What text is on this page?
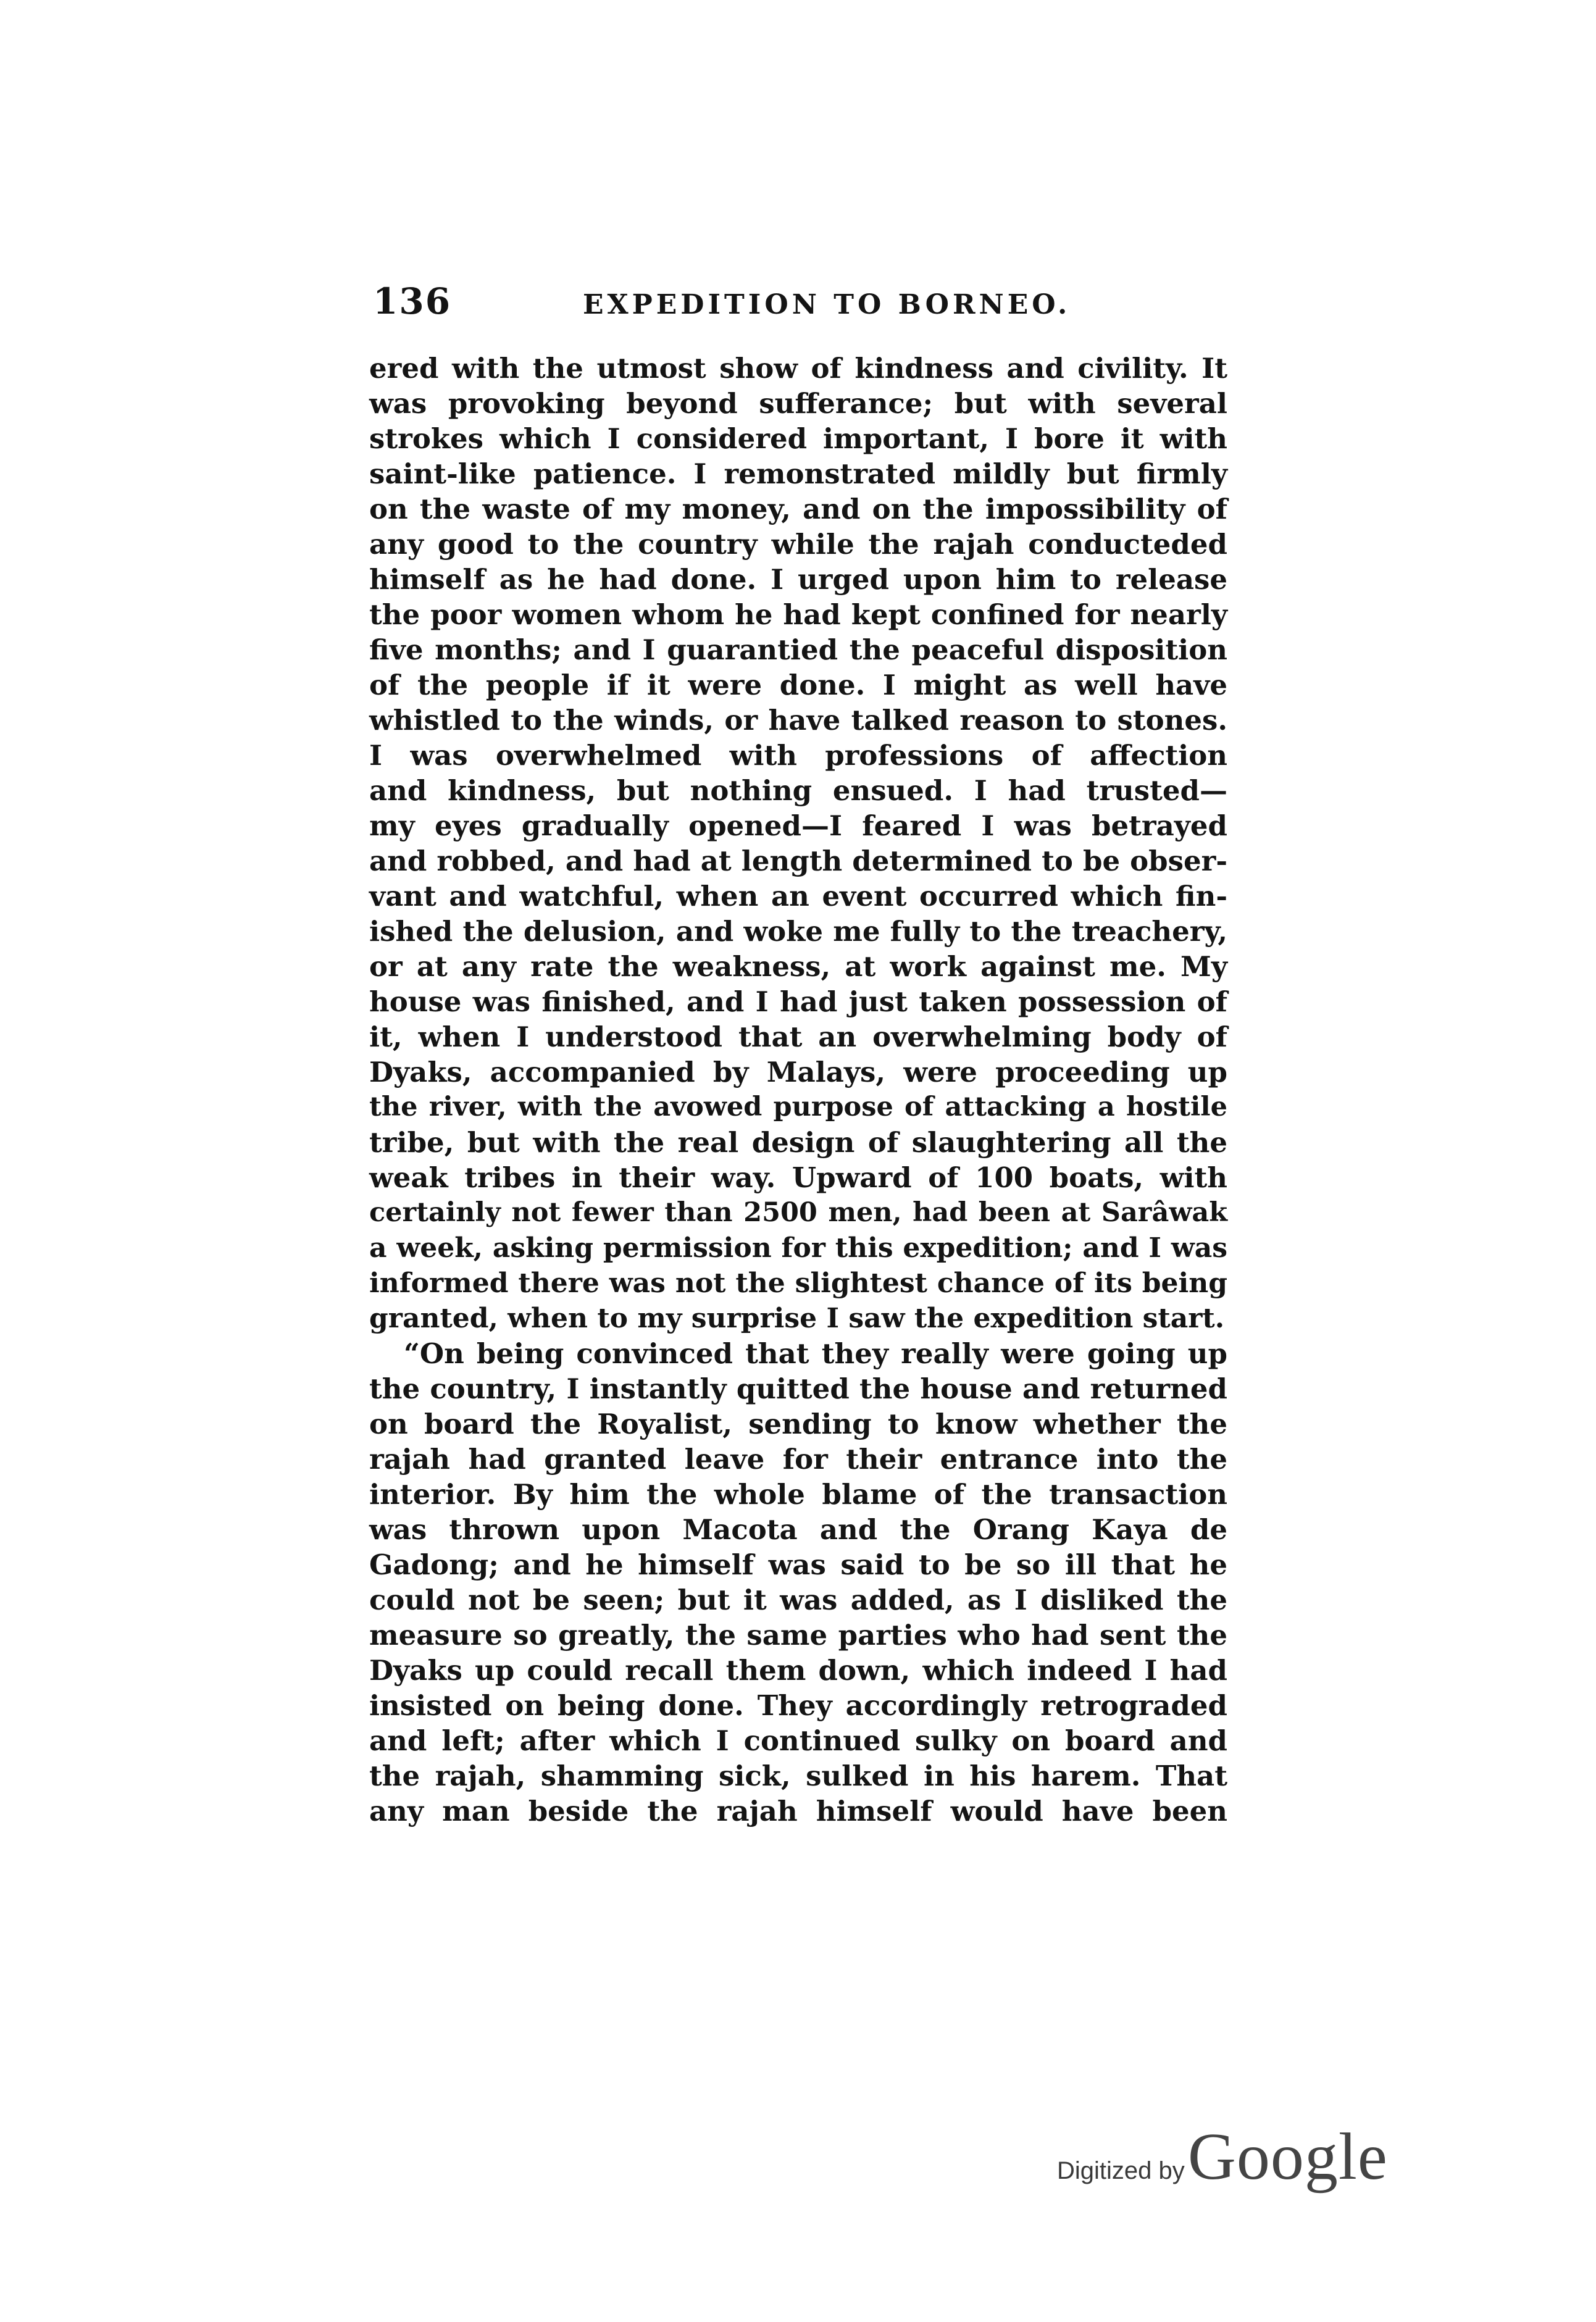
136	EXPEDITION TO BORNEO.
ered with the utmost show of kindness and civility. It
was provoking beyond sufferance; but with several
strokes which I considered important, I bore it with
saint-like patience. I remonstrated mildly but firmly
on the waste of my money, and on the impossibility of
any good to the country while the rajah conducteded
himself as he had done. I urged upon him to release
the poor women whom he had kept confined for nearly
five months; and I guarantied the peaceful disposition
of the people if it were done. I might as well have
whistled to the winds, or have talked reason to stones.
I was overwhelmed with professions of affection
and kindness, but nothing ensued. I had trusted—
my eyes gradually opened—I feared I was betrayed
and robbed, and had at length determined to be obser-
vant and watchful, when an event occurred which fin-
ished the delusion, and woke me fully to the treachery,
or at any rate the weakness, at work against me. My
house was finished, and I had just taken possession of
it, when I understood that an overwhelming body of
Dyaks, accompanied by Malays, were proceeding up
the river, with the avowed purpose of attacking a hostile
tribe, but with the real design of slaughtering all the
weak tribes in their way. Upward of 100 boats, with
certainly not fewer than 2500 men, had been at Sarâwak
a week, asking permission for this expedition; and I was
informed there was not the slightest chance of its being
granted, when to my surprise I saw the expedition start.
“On being convinced that they really were going up
the country, I instantly quitted the house and returned
on board the Royalist, sending to know whether the
rajah had granted leave for their entrance into the
interior. By him the whole blame of the transaction
was thrown upon Macota and the Orang Kaya de
Gadong; and he himself was said to be so ill that he
could not be seen; but it was added, as I disliked the
measure so greatly, the same parties who had sent the
Dyaks up could recall them down, which indeed I had
insisted on being done. They accordingly retrograded
and left; after which I continued sulky on board and
the rajah, shamming sick, sulked in his harem. That
any man beside the rajah himself would have been
Digitized by Google
